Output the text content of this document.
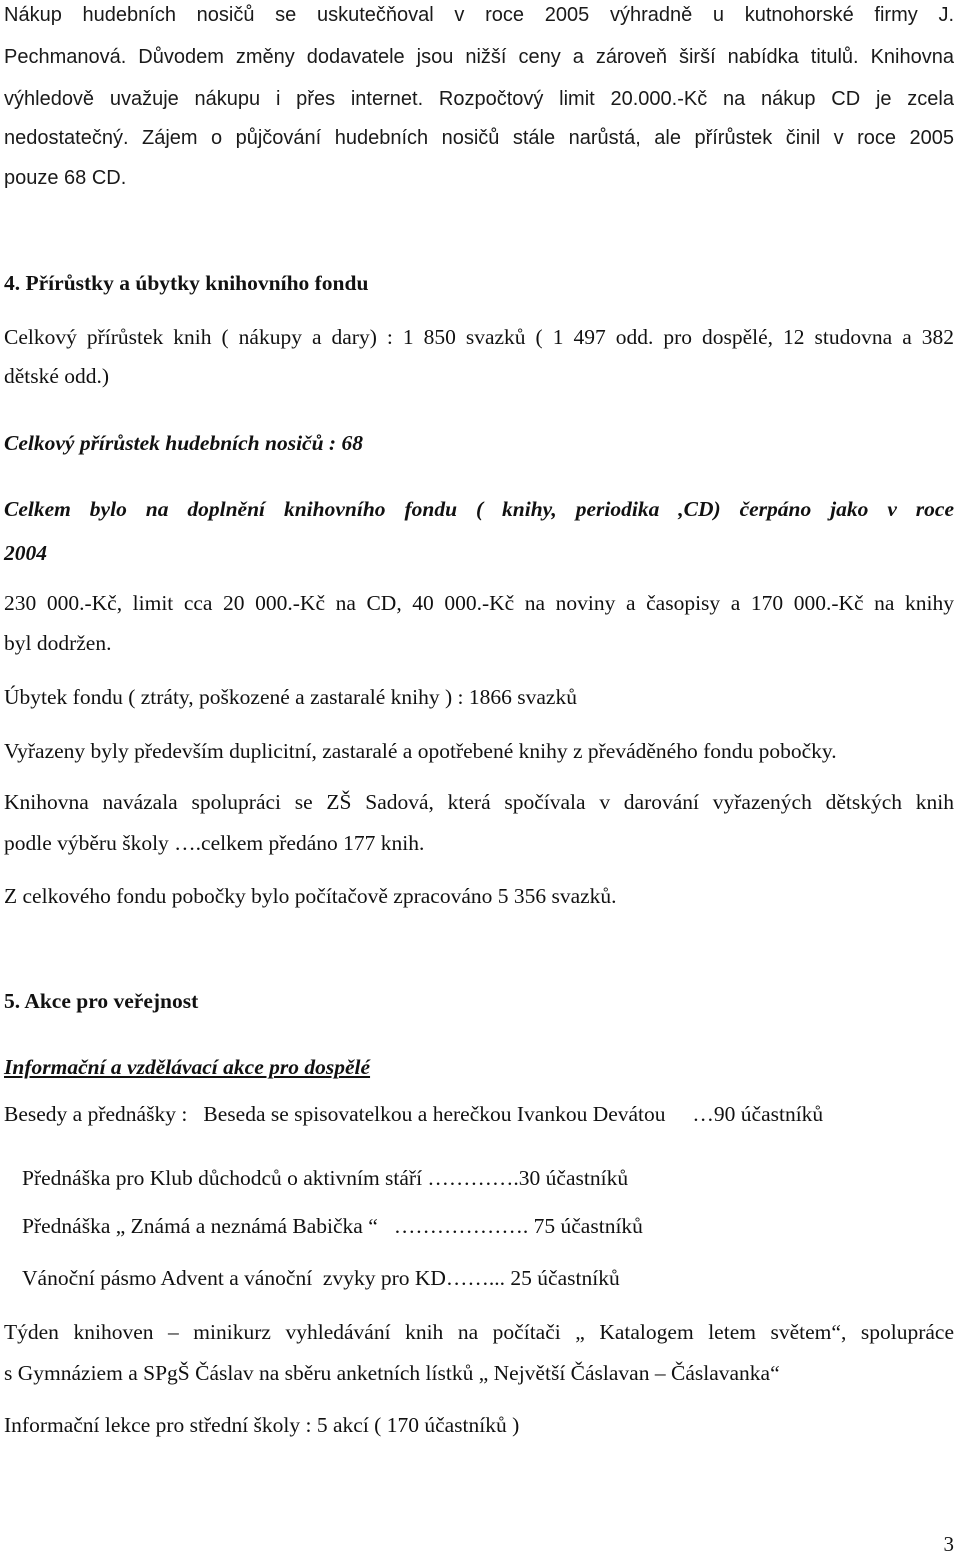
Nákup hudebních nosičů se uskutečňoval v roce 2005 výhradně u kutnohorské firmy J.
Pechmanová. Důvodem změny dodavatele jsou nižší ceny a zároveň širší nabídka titulů. Knihovna
výhledově uvažuje nákupu i přes internet. Rozpočtový limit 20.000.-Kč na nákup CD je zcela
nedostatečný. Zájem o půjčování hudebních nosičů stále narůstá, ale přírůstek činil v roce 2005
pouze 68 CD.
4. Přírůstky a úbytky knihovního fondu
Celkový přírůstek knih ( nákupy a dary) : 1 850 svazků ( 1 497 odd. pro dospělé, 12 studovna a 382
dětské odd.)
Celkový přírůstek hudebních nosičů : 68
Celkem bylo na doplnění knihovního fondu ( knihy, periodika ,CD) čerpáno jako v roce
2004
230 000.-Kč, limit cca 20 000.-Kč na CD, 40 000.-Kč na noviny a časopisy a 170 000.-Kč na knihy
byl dodržen.
Úbytek fondu ( ztráty, poškozené a zastaralé knihy ) : 1866 svazků
Vyřazeny byly především duplicitní, zastaralé a opotřebené knihy z převáděného fondu pobočky.
Knihovna navázala spolupráci se ZŠ Sadová, která spočívala v darování vyřazených dětských knih
podle výběru školy ….celkem předáno 177 knih.
Z celkového fondu pobočky bylo počítačově zpracováno 5 356 svazků.
5. Akce pro veřejnost
Informační a vzdělávací akce pro dospělé
Besedy a přednášky :   Beseda se spisovatelkou a herečkou Ivankou Devátou     …90 účastníků
Přednáška pro Klub důchodců o aktivním stáří ………….30 účastníků
Přednáška „ Známá a neznámá Babička “   ………………. 75 účastníků
Vánoční pásmo Advent a vánoční  zvyky pro KD……... 25 účastníků
Týden knihoven – minikurz vyhledávání knih na počítači „ Katalogem letem světem“, spolupráce
s Gymnáziem a SPgŠ Čáslav na sběru anketních lístků „ Největší Čáslavan – Čáslavanka“
Informační lekce pro střední školy : 5 akcí ( 170 účastníků )
3
